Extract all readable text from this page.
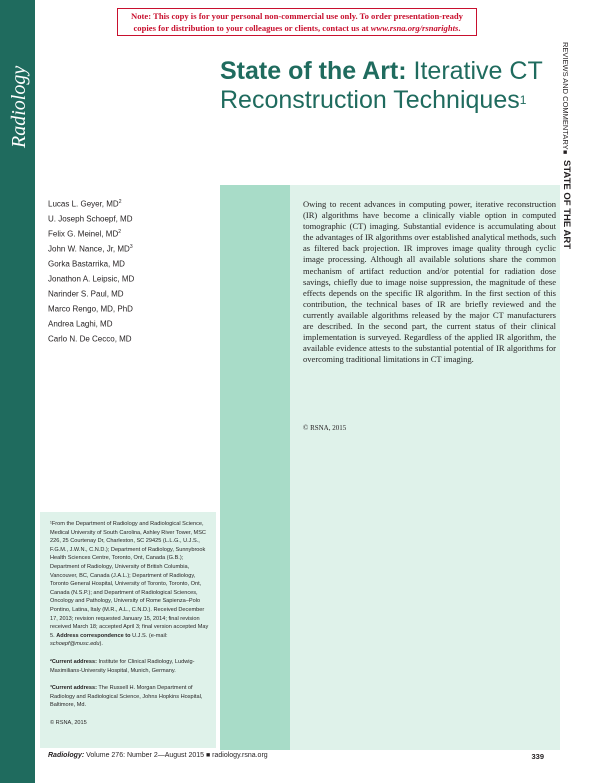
Radiology
Note: This copy is for your personal non-commercial use only. To order presentation-ready
copies for distribution to your colleagues or clients, contact us at www.rsna.org/rsnarights.
State of the Art: Iterative CT
Reconstruction Techniques$^1$	REVIEWS AND COMMENTARY
■
STATE OF THE ART
Lucas L. Geyer, $MD^2$
U. Joseph Schoepf, MD
Felix G. Meinel, $MD^2$
John W. Nance, Jr, $MD^3$
Gorka Bastarrika, MD
Jonathon A. Leipsic, MD
Narinder S. Paul, MD
Marco Rengo, MD, PhD
Andrea Laghi, MD
Carlo N. De Cecco, MD
Owing to recent advances in computing power, iterative reconstruction (IR) algorithms have become a clinically viable option in computed tomographic (CT) imaging. Substantial evidence is accumulating about the advantages of IR algorithms over established analytical methods, such as filtered back projection. IR improves image quality through cyclic image processing. Although all available solutions share the common mechanism of artifact reduction and/or potential for radiation dose savings, chiefly due to image noise suppression, the magnitude of these effects depends on the specific IR algorithm. In the first section of this contribution, the technical bases of IR are briefly reviewed and the currently available algorithms released by the major CT manufacturers are described. In the second part, the current status of their clinical implementation is surveyed. Regardless of the applied IR algorithm, the available evidence attests to the substantial potential of IR algorithms for overcoming traditional limitations in CT imaging.
© RSNA, 2015

¹From the Department of Radiology and Radiological Science, Medical University of South Carolina, Ashley River Tower, MSC 226, 25 Courtenay Dr, Charleston, SC 29425 (L.L.G., U.J.S., F.G.M., J.W.N., C.N.D.); Department of Radiology, Sunnybrook Health Sciences Centre, Toronto, Ont, Canada (G.B.); Department of Radiology, University of British Columbia, Vancouver, BC, Canada (J.A.L.); Department of Radiology, Toronto General Hospital, University of Toronto, Toronto, Ont, Canada (N.S.P.); and Department of Radiological Sciences, Oncology and Pathology, University of Rome Sapienza–Polo Pontino, Latina, Italy (M.R., A.L., C.N.D.). Received December 17, 2013; revision requested January 15, 2014; final revision received March 18; accepted April 3; final version accepted May 5. Address correspondence to U.J.S. (e-mail: schoepf@musc.edu).

²Current address: Institute for Clinical Radiology, Ludwig-Maximilians-University Hospital, Munich, Germany.

³Current address: The Russell H. Morgan Department of Radiology and Radiological Science, Johns Hopkins Hospital, Baltimore, Md.

© RSNA, 2015

Radiology: Volume 276: Number 2—August 2015 ■ radiology.rsna.org	339
